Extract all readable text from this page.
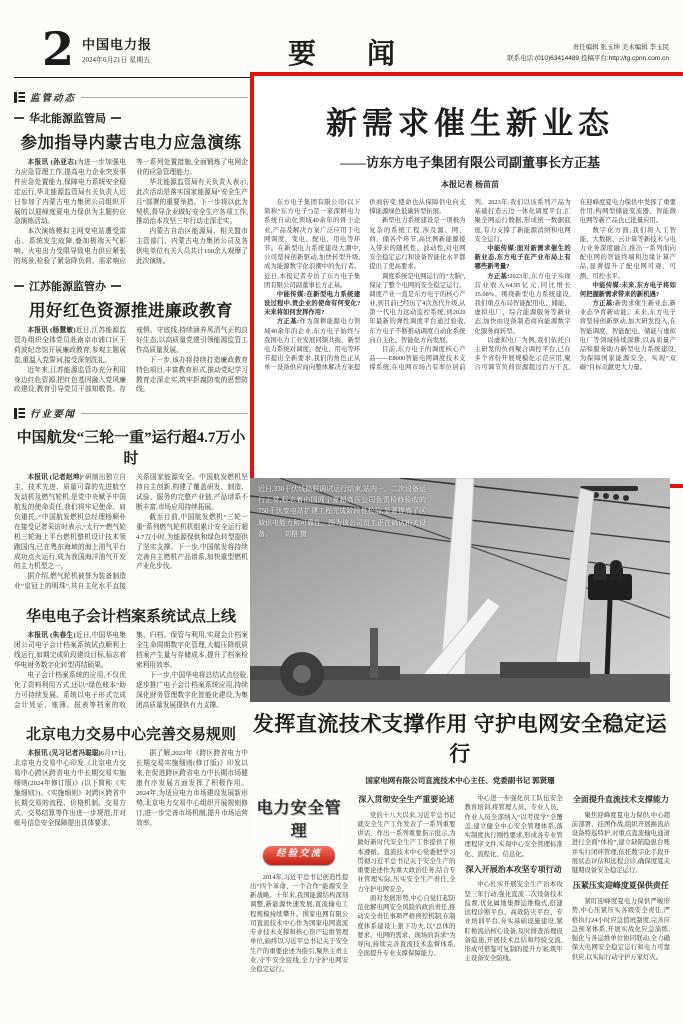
2 中国电力报
2024年6月21日 星期五	要 闻	责任编辑 张玉坤 美术编辑 李玉民
联系电话:(010)63414489 投稿平台:http://tg.cpnn.com.cn
监管动态
华北能源监管局
参加指导内蒙古电力应急演练

本报讯 (孙亚志)为进一步加强电力应急管理工作,提高电力企业突发事件应急处置能力,保障电力系统安全稳定运行,华北能源监管局有关负责人近日参加了内蒙古电力集团公司组织开展的以迎峰度夏电力保供为主题的应急演练活动。

本次演练模拟主网变电站遭受雷击、系统发生故障,叠加极端天气影响、火电出力受限导致电力供应紧张的场景,检验了紧急降负荷、需求响应等一系列处置措施,全面锻炼了电网企业的应急管理能力。

华北能源监管局有关负责人表示,此次活动是落实国家能源局“安全生产月”部署的重要举措。下一步将以此为契机,督导企业做好安全生产各项工作,推动治本攻坚三年行动走深走实。

内蒙古自治区能源局、相关盟市主管部门、内蒙古电力集团公司及各供电单位有关人员共计160余人观摩了此次演练。

江苏能源监管办
用好红色资源推进廉政教育

本报讯 (杨慧敏)近日,江苏能源监管办组织全体党员赴南京市浦口区王荷波纪念馆开展廉政教育,参观主题展览,重温入党誓词,接受深刻洗礼。

近年来,江苏能源监管办充分利用身边红色资源,把红色基因融入党风廉政建设,教育引导党员干部知敬畏、存戒惧、守底线,持续涵养风清气正的良好生态,以高质量党建引领能源监管工作高质量发展。

下一步,该办将持续打造廉政教育特色项目,丰富教育形式,推动党纪学习教育走深走实,筑牢拒腐防变的思想防线。

行业要闻
中国航发“三轮一重”运行超4.7万小时

本报讯 (记者赵坤)“研制出独立自主、技术先进、质量可靠的先进航空发动机及燃气轮机,是党中央赋予中国航发的使命责任,我们将牢记使命、肩负重托。”中国航发燃机总经理杨顺朴在接受记者采访时表示,“太行7”燃气轮机三轮海上平台燃机整机设计技术领跑国内,已在粤东海域的海上油气平台成功点火运行,成为我国海洋油气开发的主力机型之一。

据介绍,燃气轮机被誉为装备制造业“皇冠上的明珠”,其自主化水平直接关系国家能源安全。中国航发燃机坚持自主创新,构建了覆盖研发、制造、试验、服务的完整产业链,产品谱系不断丰富,市场应用持续拓展。

截至目前,中国航发燃机“三轮一重”系列燃气轮机机组累计安全运行超4.7万小时,为能源保供和绿色转型提供了坚实支撑。下一步,中国航发将持续完善自主燃机产品谱系,加快重型燃机产业化步伐。

华电电子会计档案系统试点上线

本报讯 (朱春生)近日,中国华电集团公司电子会计档案系统试点顺利上线运行,如期完成阶段建设目标,标志着华电财务数字化转型再结硕果。

电子会计档案系统的应用,不仅优化了资料利用方式,还以“绿色账本”助力可持续发展。系统以电子形式完成会计凭证、账簿、报表等档案的收集、归档、保管与利用,实现会计档案全生命周期数字化管理,大幅压降纸质档案产生量与存储成本,提升了档案检索利用效率。

下一步,中国华电将总结试点经验,逐步推广电子会计档案系统应用,持续深化财务管理数字化智能化建设,为集团高质量发展提供有力支撑。

北京电力交易中心完善交易规则

本报讯 (见习记者冯聪聪)6月17日,北京电力交易中心印发《北京电力交易中心跨区跨省电力中长期交易实施细则(2024年修订版)》(以下简称《实施细则》)。《实施细则》对跨区跨省中长期交易的流程、价格机制、交易方式、交易结算等作出进一步规范,并对账号信息安全保障提出具体要求。

据了解,2023年《跨区跨省电力中长期交易实施细则(修订版)》印发以来,在促进跨区跨省电力中长期市场健康有序发展方面发挥了积极作用。2024年,为适应电力市场建设发展新形势,北京电力交易中心组织开展规则修订,进一步完善市场机制,提升市场运营效率。

新需求催生新业态
——访东方电子集团有限公司副董事长方正基
本报记者 杨苗苗

东方电子集团有限公司(以下简称“东方电子”)是一家深耕电力系统自动化领域40余年的骨干企业,产品及解决方案广泛应用于电网调度、变电、配电、用电等环节。在新型电力系统建设大潮中,公司坚持创新驱动,加快转型升级,成为能源数字化浪潮中的先行者。近日,本报记者专访了东方电子集团有限公司副董事长方正基。

中能传媒:在新型电力系统建设过程中,贵企业的使命有何变化?未来将如何发挥作用?

方正基:作为深耕能源电力领域40余年的企业,东方电子始终与我国电力工业发展同频共振。新型电力系统对调度、配电、用电等环节提出全新要求,我们的角色正从单一设备供应商向整体解决方案提供商转变,使命也从保障供电向支撑能源绿色低碳转型拓展。

新型电力系统建设是一项极为复杂的系统工程,涉及源、网、荷、储各个环节,高比例新能源接入带来的随机性、波动性,对电网安全稳定运行和设备智能化水平都提出了更高要求。

调度系统是电网运行的“大脑”,保证了整个电网的安全稳定运行。调度产业一直是东方电子的核心产业,到目前已经历了4次迭代升级,从第一代电力远动监控系统,到2020年最新的弹性调度平台通过验收,东方电子不断推动调度自动化系统向自主化、智能化方向发展。

目前,东方电子的调度核心产品——E8000智能电网调度技术支撑系统,在电网市场占有率位居前列。2023年,我们以该系列产品为基础打造云边一体化调度平台,汇聚全网运行数据,形成统一数据底座,有力支撑了新能源消纳和电网安全运行。

中能传媒:面对新需求催生的新业态,东方电子在产业布局上有哪些新考量?

方正基:2023年,东方电子实现营业收入64.95亿元,同比增长15.08%。围绕新型电力系统建设,我们重点布局智能配用电、储能、虚拟电厂、综合能源服务等新业态,加快由设备制造商向能源数字化服务商转型。

以虚拟电厂为例,我们依托自主研发的负荷聚合调控平台,已在多个省份开展规模化示范应用,聚合可调节负荷资源超过百万千瓦,在迎峰度夏电力保供中发挥了重要作用;构网型储能变流器、智能微电网等新产品也已批量应用。

数字化方面,我们将人工智能、大数据、云计算等新技术与电力业务深度融合,推出一系列面向配电网的智能终端和边缘计算产品,显著提升了配电网可观、可测、可控水平。

中能传媒:未来,东方电子将如何把握新需求带来的新机遇?

方正基:新需求催生新业态,新业态孕育新动能。未来,东方电子将坚持创新驱动,加大研发投入,在智能调度、智能配电、储能与虚拟电厂等领域持续深耕,以高质量产品和服务助力新型电力系统建设,为保障国家能源安全、实现“双碳”目标贡献更大力量。

近日,330千伏线路联调试运行结束,站内一、二次设备运行正常,标志着由国网宁夏超高压公司负责检修验收的750千伏变电站扩建工程完成阶段性校验,显著提高了区域供电能力和可靠性。图为该公司员工正在调试相关设备。 刘格 摄
发挥直流技术支撑作用 守护电网安全稳定运行
国家电网有限公司直流技术中心主任、党委副书记 郭贤珊
电力安全管理
经验交流

2014年,习近平总书记创造性提出“四个革命、一个合作”能源安全新战略。十年来,我国能源结构深刻调整,新能源快速发展,直流输电工程规模持续攀升。国家电网有限公司直流技术中心作为国家电网直流专业技术支撑和核心资产运维管理单位,始终以习近平总书记关于安全生产的重要论述为指引,聚焦主责主业,守牢安全底线,全力守护电网安全稳定运行。

深入贯彻安全生产重要论述

党的十八大以来,习近平总书记就安全生产工作发表了一系列重要讲话、作出一系列重要指示批示,为做好新时代安全生产工作提供了根本遵循。直流技术中心党委把学习贯彻习近平总书记关于安全生产的重要论述作为重大政治任务,结合专业管理实际,压实安全生产责任,全力守护电网安全。

面对发展形势,中心自觉扛起防范化解电网安全风险的政治责任,推动安全责任事项严格预控机制,在制度体系建设上狠下功夫,以“总体的要求、电网的需求、现场的诉求”为导向,持续完善直流技术监督体系,全面提升专业支撑保障能力。

中心进一步强化员工队伍安全教育培训,将管理人员、专业人员、作业人员全部纳入“以考促学”全覆盖,建立健全中心安全管理体系,落实制度执行刚性要求,形成各专业管理程序文件,实现中心安全管理标准化、流程化、信息化。

深入开展治本攻坚专项行动

中心扎实开展安全生产治本攻坚三年行动,强化直流二次设备技术监督,优化属地集群运维模式,搭建远程诊断平台、高效防灾平台、专业培训平台,夯实基础设施建设,紧盯换流站核心设备,及时排查治理设备隐患,开展技术总结和经验交流,形成可借鉴可复制的提升方案,筑牢主设备安全防线。

全面提升直流技术支撑能力

聚焦迎峰度夏电力保供,中心超前部署、挂图作战,组织开展换流站设备特巡特护,对重点直流输电通道进行全面“体检”,建立缺陷隐患台账并实行闭环管理,依托数字化手段开展状态评估和远程会诊,确保度夏关键期设备安全稳定运行。

压紧压实迎峰度夏保供责任

紧盯迎峰度夏电力保供严峻形势,中心压紧压实各级安全责任,严格执行24小时应急值班制度,完善应急预案体系,开展实战化应急演练,强化与各运维单位协同联动,全力确保大电网安全稳定运行和电力可靠供应,以实际行动守护万家灯火。
